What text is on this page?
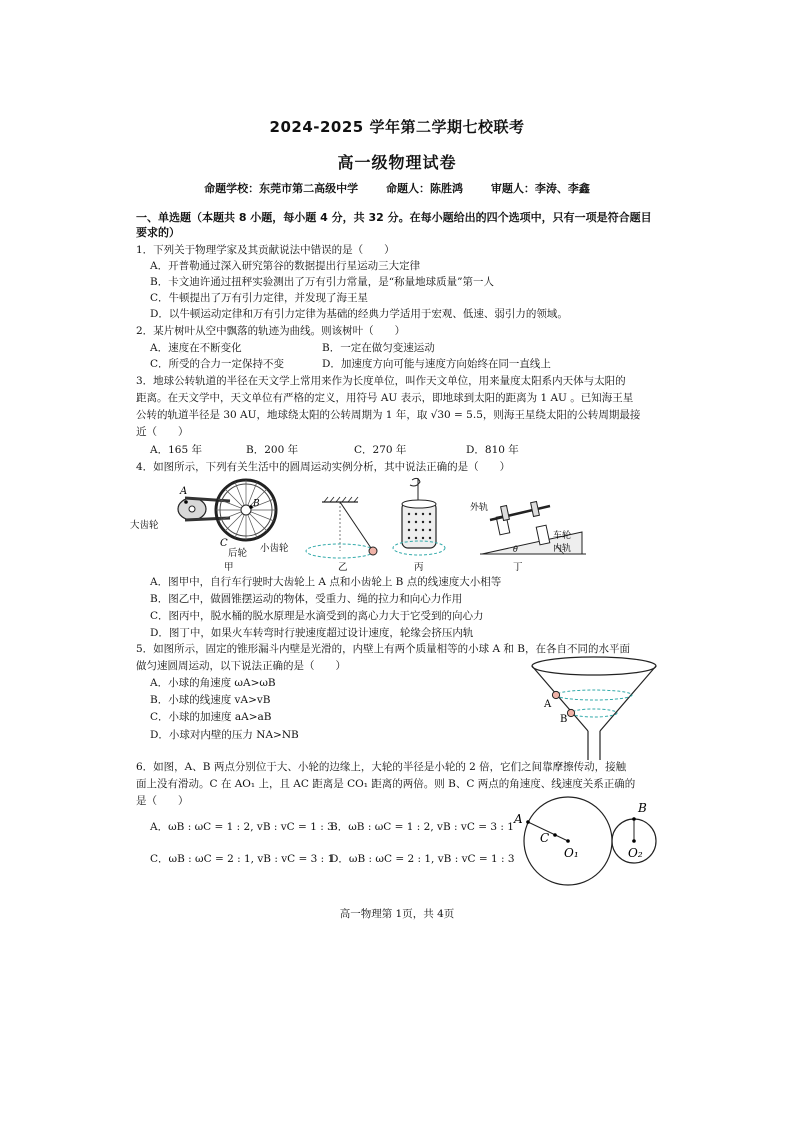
2024-2025 学年第二学期七校联考
高一级物理试卷
命题学校：东莞市第二高级中学	命题人：陈胜鸿	审题人：李涛、李鑫
一、单选题（本题共 8 小题，每小题 4 分，共 32 分。在每小题给出的四个选项中，只有一项是符合题目
要求的）
1．下列关于物理学家及其贡献说法中错误的是（　　）
A．开普勒通过深入研究第谷的数据提出行星运动三大定律
B．卡文迪许通过扭秤实验测出了万有引力常量，是“称量地球质量”第一人
C．牛顿提出了万有引力定律，并发现了海王星
D．以牛顿运动定律和万有引力定律为基础的经典力学适用于宏观、低速、弱引力的领域。
2．某片树叶从空中飘落的轨迹为曲线。则该树叶（　　）
A．速度在不断变化	B．一定在做匀变速运动
C．所受的合力一定保持不变	D．加速度方向可能与速度方向始终在同一直线上
3．地球公转轨道的半径在天文学上常用来作为长度单位，叫作天文单位，用来量度太阳系内天体与太阳的
距离。在天文学中，天文单位有严格的定义，用符号 AU 表示，即地球到太阳的距离为 1 AU 。已知海王星
公转的轨道半径是 30 AU，地球绕太阳的公转周期为 1 年，取 √30 = 5.5，则海王星绕太阳的公转周期最接
近（　　）
A．165 年	B．200 年	C．270 年	D．810 年
4．如图所示，下列有关生活中的圆周运动实例分析，其中说法正确的是（　　）
A
B
C
大齿轮
后轮 小齿轮
甲	乙	丙
外轨
车轮
内轨
θ
丁
A．图甲中，自行车行驶时大齿轮上 A 点和小齿轮上 B 点的线速度大小相等
B．图乙中，做圆锥摆运动的物体，受重力、绳的拉力和向心力作用
C．图丙中，脱水桶的脱水原理是水滴受到的离心力大于它受到的向心力
D．图丁中，如果火车转弯时行驶速度超过设计速度，轮缘会挤压内轨
5．如图所示，固定的锥形漏斗内壁是光滑的，内壁上有两个质量相等的小球 A 和 B，在各自不同的水平面
做匀速圆周运动，以下说法正确的是（　　）
A．小球的角速度 ωA>ωB
B．小球的线速度 vA>vB
C．小球的加速度 aA>aB
D．小球对内壁的压力 NA>NB
A
B
6．如图，A、B 两点分别位于大、小轮的边缘上，大轮的半径是小轮的 2 倍，它们之间靠摩擦传动，接触
面上没有滑动。C 在 AO₁ 上，且 AC 距离是 CO₁ 距离的两倍。则 B、C 两点的角速度、线速度关系正确的
是（　　）
A．ωB : ωC = 1 : 2, vB : vC = 1 : 3
B．ωB : ωC = 1 : 2, vB : vC = 3 : 1
C．ωB : ωC = 2 : 1, vB : vC = 3 : 1
D．ωB : ωC = 2 : 1, vB : vC = 1 : 3
A
B
C
O₁	O₂
高一物理第 1页，共 4页
